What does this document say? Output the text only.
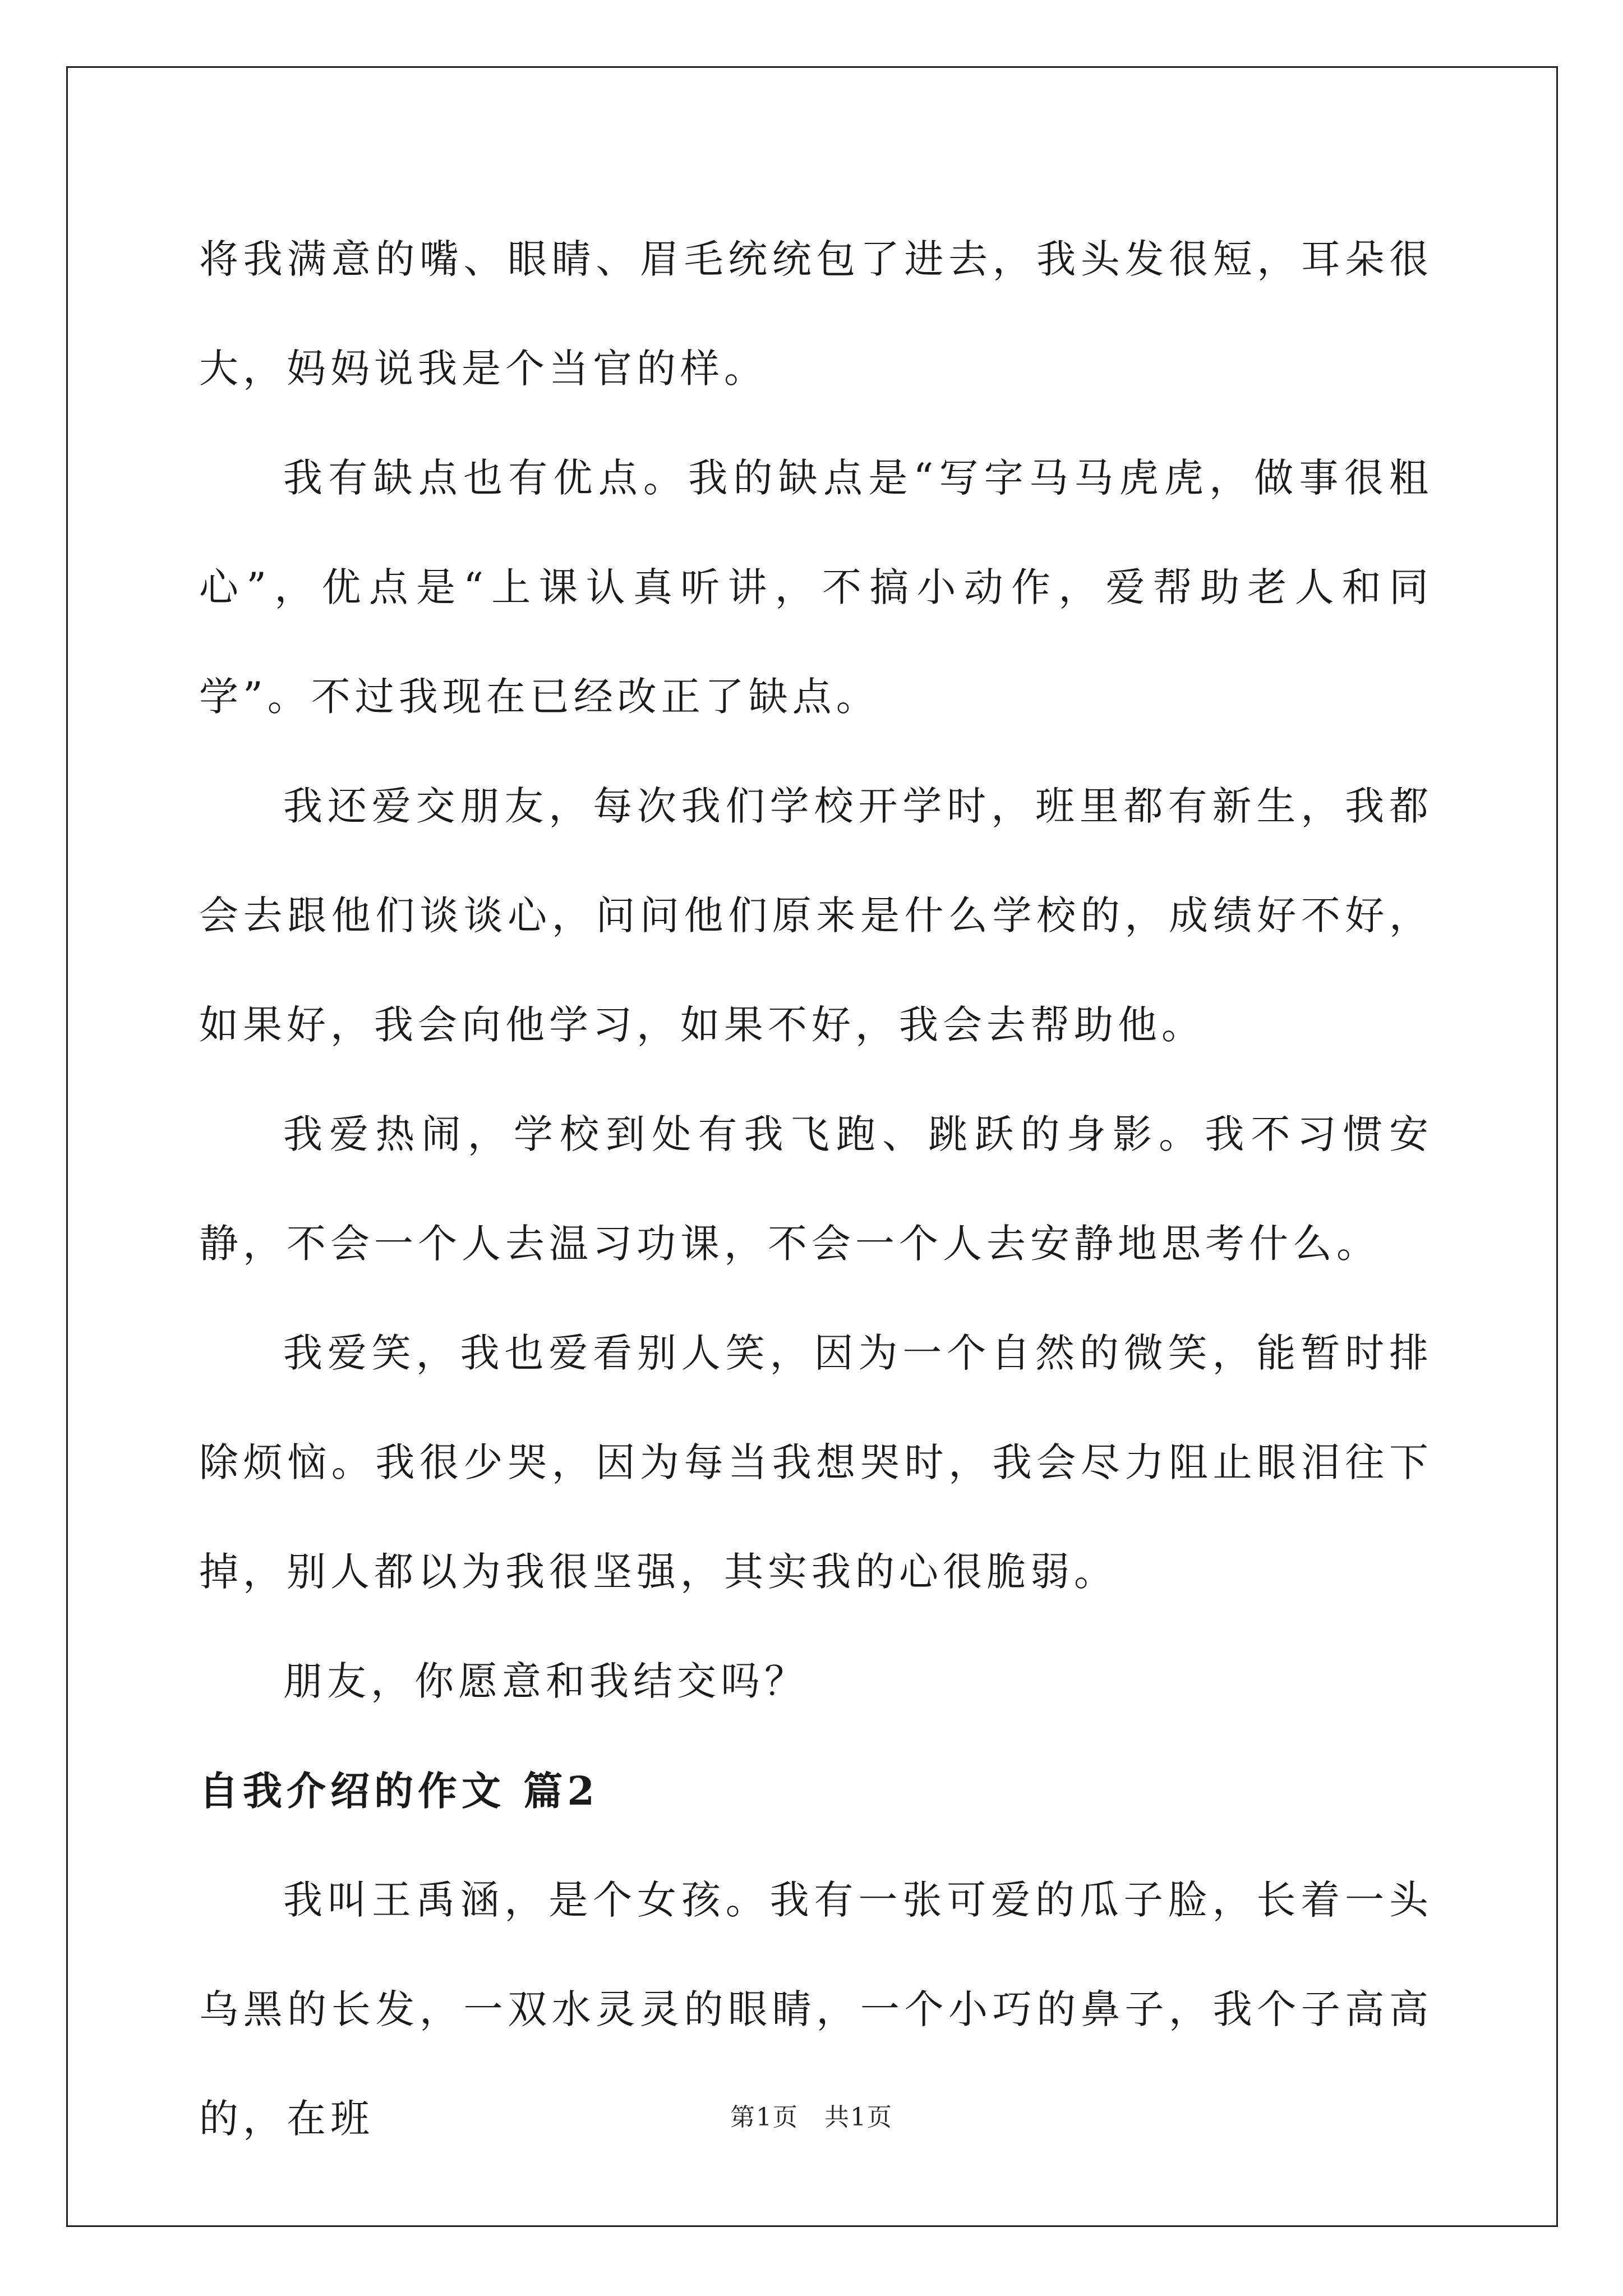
将我满意的嘴、眼睛、眉毛统统包了进去，我头发很短，耳朵很大，妈妈说我是个当官的样。

我有缺点也有优点。我的缺点是“写字马马虎虎，做事很粗心”，优点是“上课认真听讲，不搞小动作，爱帮助老人和同学”。不过我现在已经改正了缺点。

我还爱交朋友，每次我们学校开学时，班里都有新生，我都会去跟他们谈谈心，问问他们原来是什么学校的，成绩好不好，如果好，我会向他学习，如果不好，我会去帮助他。

我爱热闹，学校到处有我飞跑、跳跃的身影。我不习惯安静，不会一个人去温习功课，不会一个人去安静地思考什么。

我爱笑，我也爱看别人笑，因为一个自然的微笑，能暂时排除烦恼。我很少哭，因为每当我想哭时，我会尽力阻止眼泪往下掉，别人都以为我很坚强，其实我的心很脆弱。

朋友，你愿意和我结交吗？

自我介绍的作文 篇2

我叫王禹涵，是个女孩。我有一张可爱的瓜子脸，长着一头乌黑的长发，一双水灵灵的眼睛，一个小巧的鼻子，我个子高高的，在班	第1页　共1页
